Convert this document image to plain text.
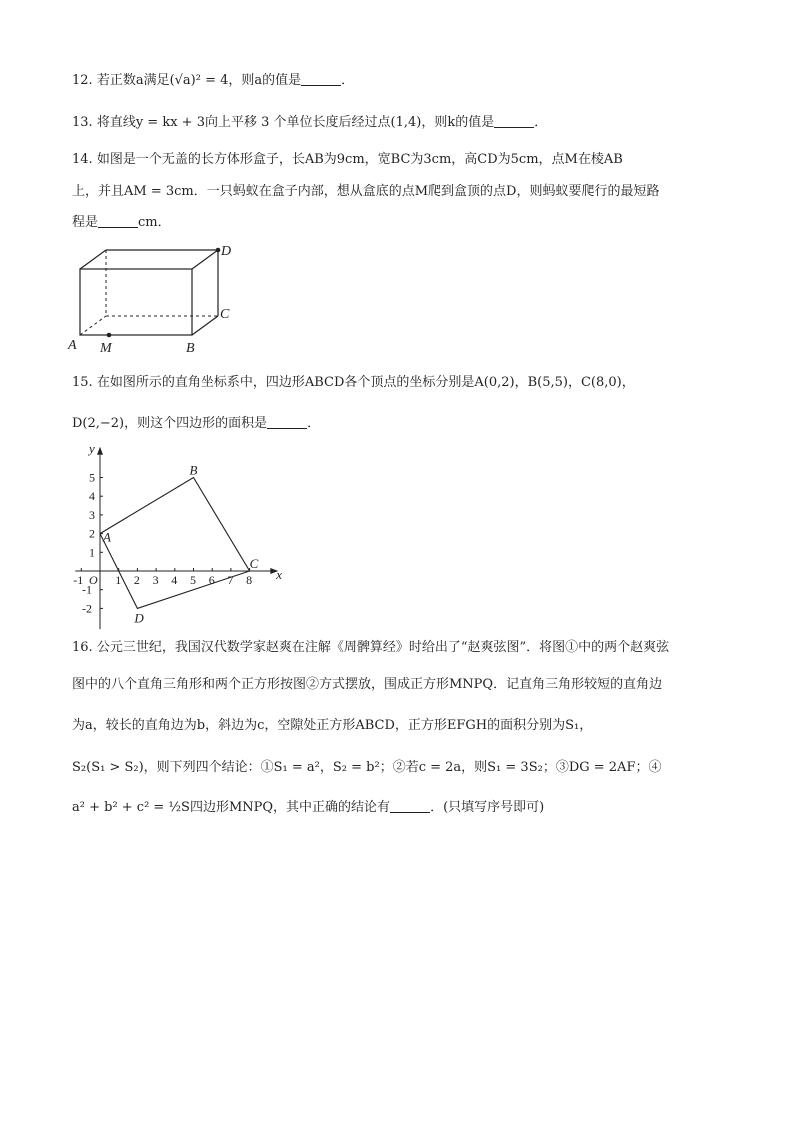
12. 若正数a满足(√a)² = 4，则a的值是	．
13. 将直线y = kx + 3向上平移 3 个单位长度后经过点(1,4)，则k的值是	．
14. 如图是一个无盖的长方体形盒子，长AB为9cm，宽BC为3cm，高CD为5cm，点M在棱AB
上，并且AM = 3cm．一只蚂蚁在盒子内部，想从盒底的点M爬到盒顶的点D，则蚂蚁要爬行的最短路
程是	cm．
A M	B
C
D
15. 在如图所示的直角坐标系中，四边形ABCD各个顶点的坐标分别是A(0,2)，B(5,5)，C(8,0)，
D(2,−2)，则这个四边形的面积是	．
x
y
O
-1	1 2 3 4 5 6 7 8
5
4
3
2
1
-1
-2
A
B
C
D
16. 公元三世纪，我国汉代数学家赵爽在注解《周髀算经》时给出了“赵爽弦图”．将图①中的两个赵爽弦
图中的八个直角三角形和两个正方形按图②方式摆放，围成正方形MNPQ．记直角三角形较短的直角边
为a，较长的直角边为b，斜边为c，空隙处正方形ABCD，正方形EFGH的面积分别为S₁，
S₂(S₁ > S₂)，则下列四个结论：①S₁ = a²，S₂ = b²；②若c = 2a，则S₁ = 3S₂；③DG = 2AF；④
a² + b² + c² = ½S四边形MNPQ，其中正确的结论有	．(只填写序号即可)
